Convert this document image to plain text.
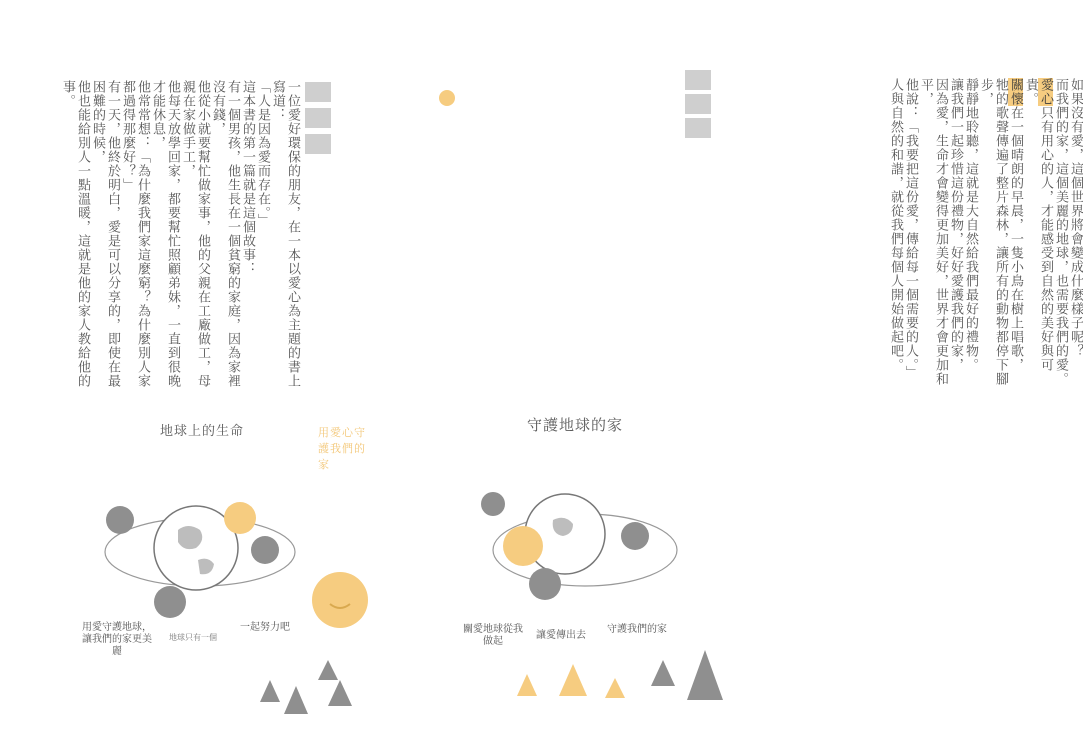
一位愛好環保的朋友，在一本以愛心為主題的書上寫道：
「人是因為愛而存在。」
這本書的第一篇就是這個故事：
有一個男孩，他生長在一個貧窮的家庭，因為家裡沒有錢，
他從小就要幫忙做家事，他的父親在工廠做工，母親在家做手工，
他每天放學回家，都要幫忙照顧弟妹，一直到很晚才能休息，
他常常想：「為什麼我們家這麼窮？為什麼別人家都過得那麼好？」
有一天，他終於明白，愛是可以分享的，即使在最困難的時候，
他也能給別人一點溫暖，這就是他的家人教給他的事。
地球上的生命	用愛心守護我們的家
用愛守護地球，讓我們的家更美麗
地球只有一個
一起努力吧
如果沒有愛，這個世界將會變成什麼樣子呢？
而我們的家，這個美麗的地球，也需要我們的愛。
愛心只有用心的人，才能感受到自然的美好與可貴。
關懷在一個晴朗的早晨，一隻小鳥在樹上唱歌，
牠的歌聲傳遍了整片森林，讓所有的動物都停下腳步，
靜靜地聆聽，這就是大自然給我們最好的禮物。
讓我們一起珍惜這份禮物，好好愛護我們的家，
因為愛，生命才會變得更加美好，世界才會更加和平，
他說：「我要把這份愛，傳給每一個需要的人。」
人與自然的和諧，就從我們每個人開始做起吧。
守護地球的家
關愛地球從我做起
讓愛傳出去
守護我們的家
